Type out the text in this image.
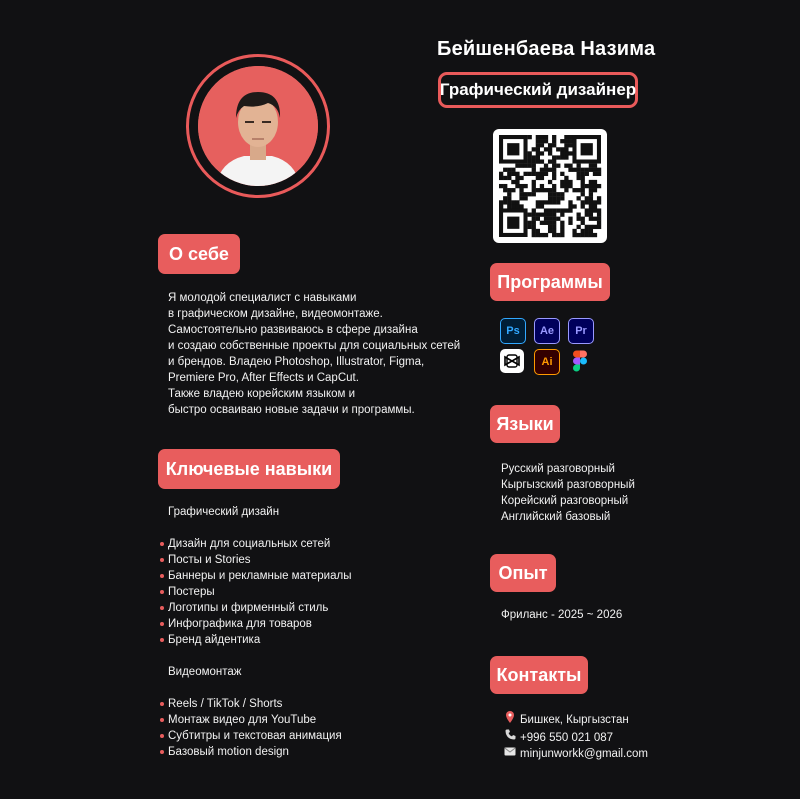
Бейшенбаева Назима
Графический дизайнер
О себе
Я молодой специалист с навыками
в графическом дизайне, видеомонтаже.
Самостоятельно развиваюсь в сфере дизайна
и создаю собственные проекты для социальных сетей
и брендов. Владею Photoshop, Illustrator, Figma,
Premiere Pro, After Effects и CapCut.
Также владею корейским языком и
быстро осваиваю новые задачи и программы.
Ключевые навыки
Графический дизайн
Дизайн для социальных сетей
Посты и Stories
Баннеры и рекламные материалы
Постеры
Логотипы и фирменный стиль
Инфографика для товаров
Бренд айдентика
Видеомонтаж
Reels / TikTok / Shorts
Монтаж видео для YouTube
Субтитры и текстовая анимация
Базовый motion design
Программы
Ps Ae Pr
Ai
Языки
Русский разговорный
Кыргызский разговорный
Корейский разговорный
Английский базовый
Опыт
Фриланс - 2025 ~ 2026
Контакты
Бишкек, Кыргызстан
+996 550 021 087
minjunworkk@gmail.com
